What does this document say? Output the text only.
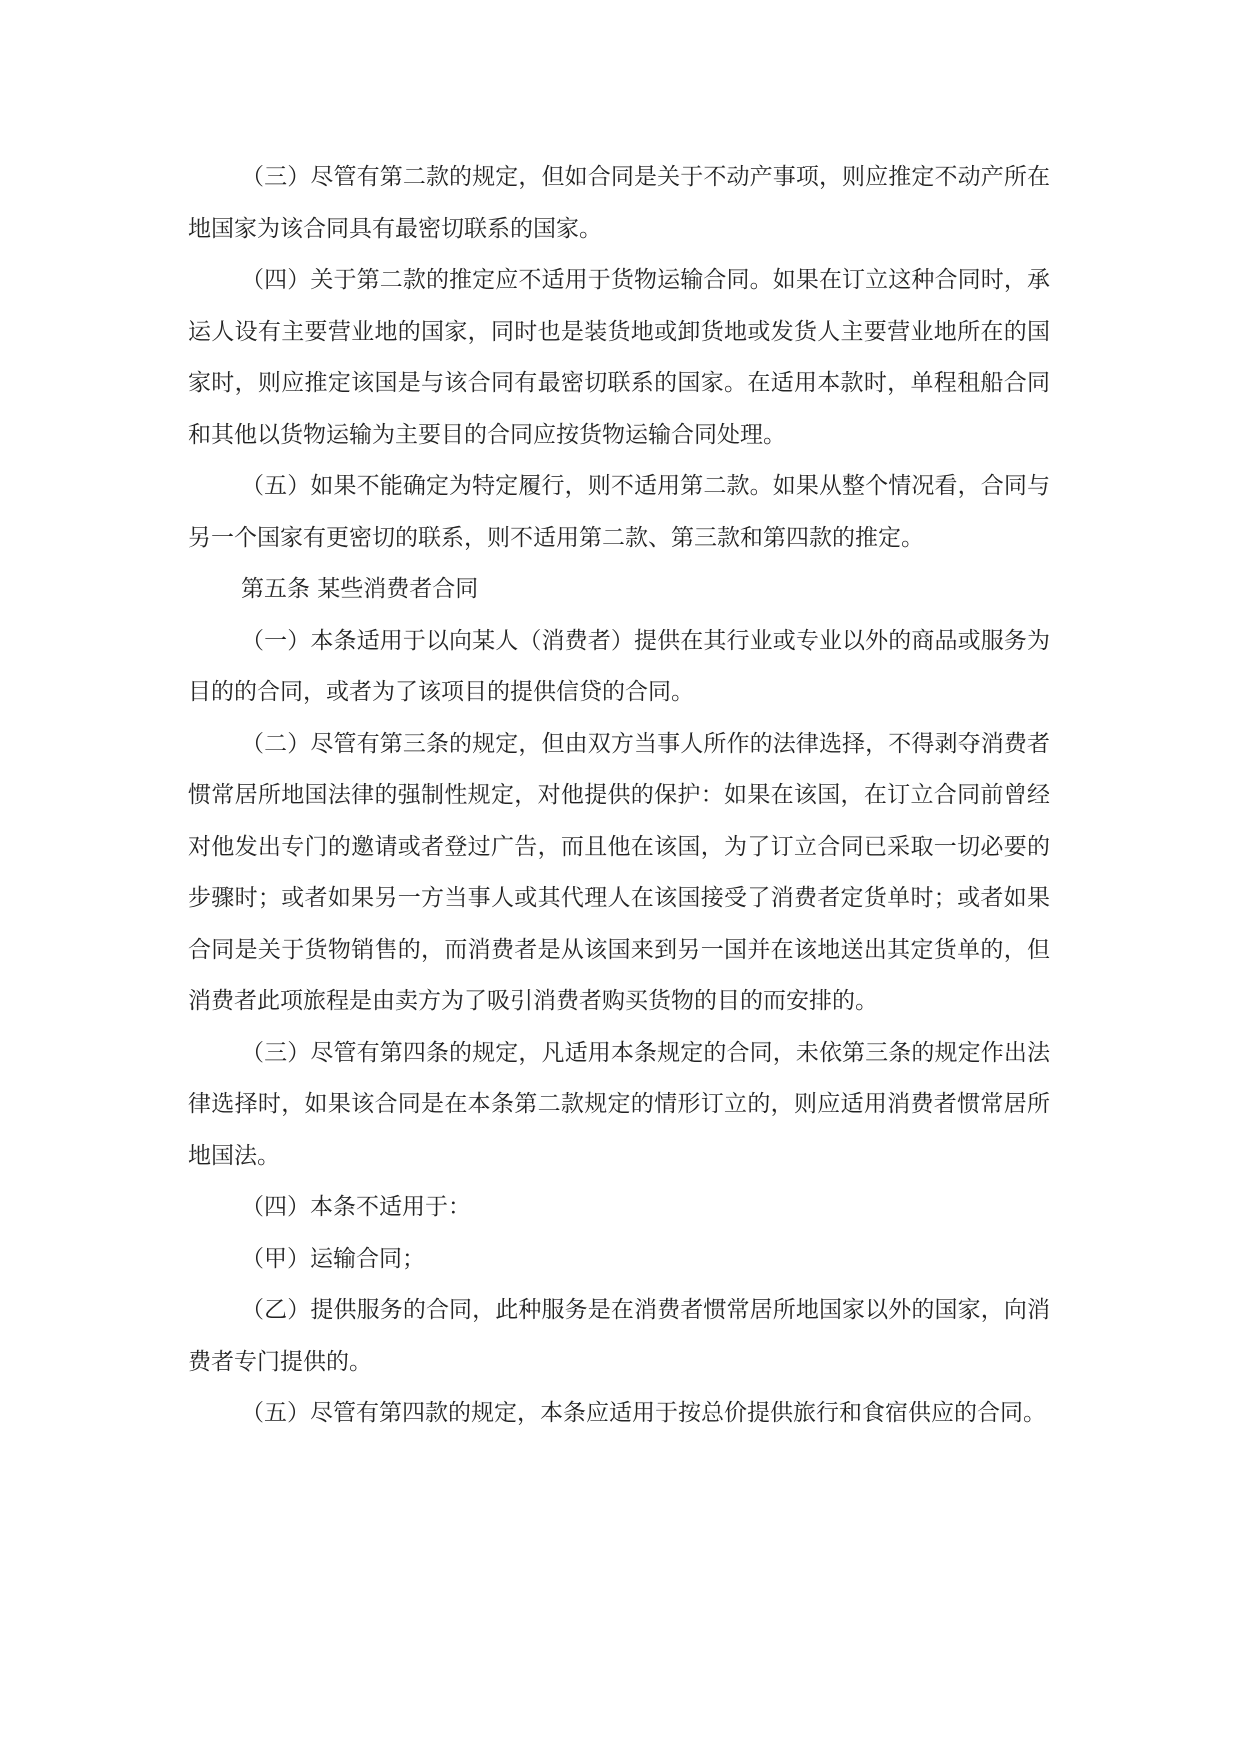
（三）尽管有第二款的规定，但如合同是关于不动产事项，则应推定不动产所在地国家为该合同具有最密切联系的国家。

（四）关于第二款的推定应不适用于货物运输合同。如果在订立这种合同时，承运人设有主要营业地的国家，同时也是装货地或卸货地或发货人主要营业地所在的国家时，则应推定该国是与该合同有最密切联系的国家。在适用本款时，单程租船合同和其他以货物运输为主要目的合同应按货物运输合同处理。

（五）如果不能确定为特定履行，则不适用第二款。如果从整个情况看，合同与另一个国家有更密切的联系，则不适用第二款、第三款和第四款的推定。

第五条 某些消费者合同

（一）本条适用于以向某人（消费者）提供在其行业或专业以外的商品或服务为目的的合同，或者为了该项目的提供信贷的合同。

（二）尽管有第三条的规定，但由双方当事人所作的法律选择，不得剥夺消费者惯常居所地国法律的强制性规定，对他提供的保护：如果在该国，在订立合同前曾经对他发出专门的邀请或者登过广告，而且他在该国，为了订立合同已采取一切必要的步骤时；或者如果另一方当事人或其代理人在该国接受了消费者定货单时；或者如果合同是关于货物销售的，而消费者是从该国来到另一国并在该地送出其定货单的，但消费者此项旅程是由卖方为了吸引消费者购买货物的目的而安排的。

（三）尽管有第四条的规定，凡适用本条规定的合同，未依第三条的规定作出法律选择时，如果该合同是在本条第二款规定的情形订立的，则应适用消费者惯常居所地国法。

（四）本条不适用于：

（甲）运输合同；

（乙）提供服务的合同，此种服务是在消费者惯常居所地国家以外的国家，向消费者专门提供的。

（五）尽管有第四款的规定，本条应适用于按总价提供旅行和食宿供应的合同。
